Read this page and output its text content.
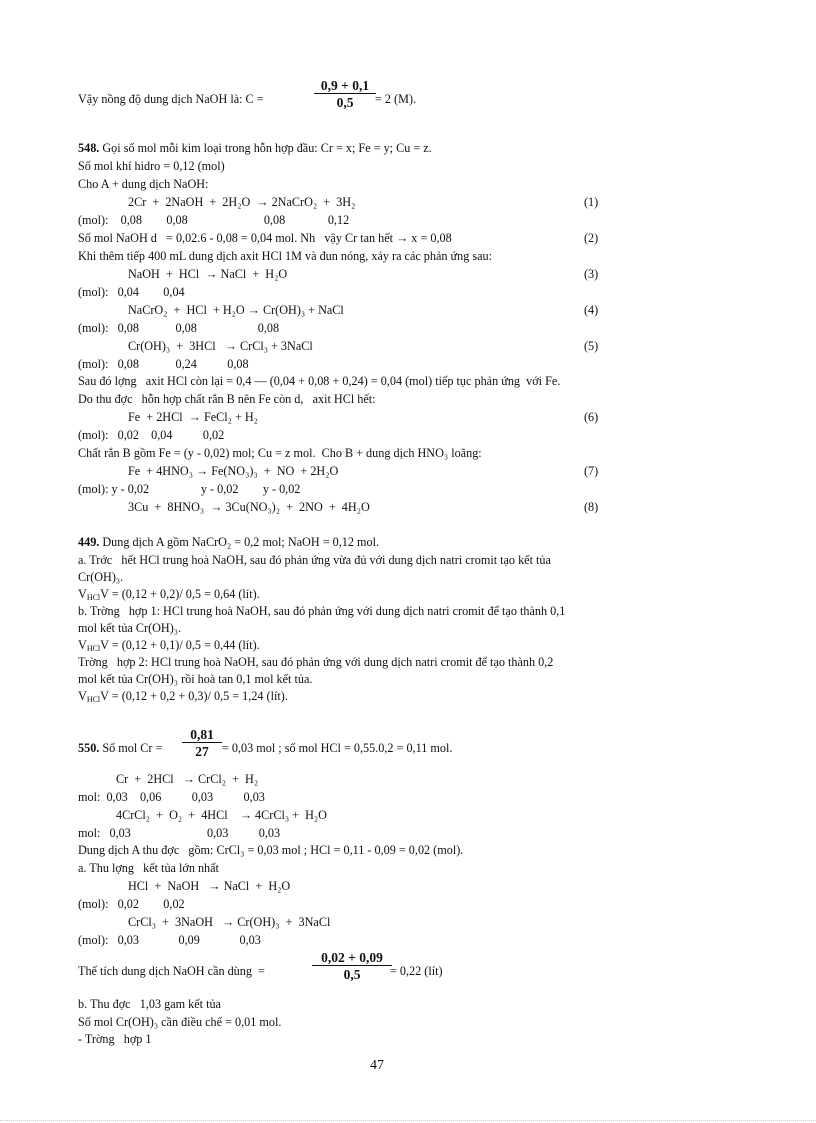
$\frac{0,9 + 0,1}{0,5}$
Vậy nồng độ dung dịch NaOH là: C =	= 2 (M).
548. Gọi số mol mỗi kim loại trong hỗn hợp đầu: Cr = x; Fe = y; Cu = z.
Số mol khí hidro = 0,12 (mol)
Cho A + dung dịch NaOH:
2Cr  +  2NaOH  +  2H₂O  → 2NaCrO₂  +  3H₂	(1)
(mol):    0,08        0,08                         0,08              0,12
Số mol NaOH d   = 0,02.6 - 0,08 = 0,04 mol. Nh   vậy Cr tan hết → x = 0,08	(2)
Khi thêm tiếp 400 mL dung dịch axit HCl 1M và đun nóng, xảy ra các phản ứng sau:
NaOH  +  HCl  → NaCl  +  H₂O	(3)
(mol):   0,04        0,04
NaCrO₂  +  HCl  + H₂O → Cr(OH)₃ + NaCl	(4)
(mol):   0,08            0,08                    0,08
Cr(OH)₃  +  3HCl   → CrCl₃ + 3NaCl	(5)
(mol):   0,08            0,24          0,08
Sau đó lợng   axit HCl còn lại = 0,4 — (0,04 + 0,08 + 0,24) = 0,04 (mol) tiếp tục phản ứng  với Fe.
Do thu đợc   hỗn hợp chất rắn B nên Fe còn d,   axit HCl hết:
Fe  + 2HCl  → FeCl₂ + H₂	(6)
(mol):   0,02    0,04          0,02
Chất rắn B gồm Fe = (y - 0,02) mol; Cu = z mol.  Cho B + dung dịch HNO₃ loãng:
Fe  + 4HNO₃ → Fe(NO₃)₃  +  NO  + 2H₂O	(7)
(mol): y - 0,02                 y - 0,02        y - 0,02
3Cu  +  8HNO₃  → 3Cu(NO₃)₂  +  2NO  +  4H₂O	(8)
449. Dung dịch A gồm NaCrO₂ = 0,2 mol; NaOH = 0,12 mol.
a. Trớc   hết HCl trung hoà NaOH, sau đó phản ứng vừa đủ với dung dịch natri cromit tạo kết tủa
Cr(OH)₃.
$V_{HCl}V = (0,12 + 0,2)/$ 0,5 = 0,64 (lít).
b. Trờng   hợp 1: HCl trung hoà NaOH, sau đó phản ứng với dung dịch natri cromit để tạo thành 0,1
mol kết tủa Cr(OH)₃.
$V_{HCl}V = (0,12 + 0,1)/$ 0,5 = 0,44 (lít).
Trờng   hợp 2: HCl trung hoà NaOH, sau đó phản ứng với dung dịch natri cromit để tạo thành 0,2
mol kết tủa Cr(OH)₃ rồi hoà tan 0,1 mol kết tủa.
$V_{HCl}V = (0,12 + 0,2 + 0,3)/$ 0,5 = 1,24 (lít).
$\frac{0,81}{27}$
550. Số mol Cr =	= 0,03 mol ; số mol HCl = 0,55.0,2 = 0,11 mol.
Cr  +  2HCl   → CrCl₂  +  H₂
mol:  0,03    0,06          0,03          0,03
4CrCl₂  +  O₂  +  4HCl    → 4CrCl₃ +  H₂O
mol:   0,03                         0,03          0,03
Dung dịch A thu đợc   gồm: CrCl₃ = 0,03 mol ; HCl = 0,11 - 0,09 = 0,02 (mol).
a. Thu lợng   kết tủa lớn nhất
HCl  +  NaOH   → NaCl  +  H₂O
(mol):   0,02        0,02
CrCl₃  +  3NaOH   → Cr(OH)₃  +  3NaCl
(mol):   0,03             0,09             0,03
$\frac{0,02 + 0,09}{0,5}$
Thể tích dung dịch NaOH cần dùng  =	= 0,22 (lít)
b. Thu đợc   1,03 gam kết tủa
Số mol Cr(OH)₃ cần điều chế = 0,01 mol.
- Trờng   hợp 1
47
